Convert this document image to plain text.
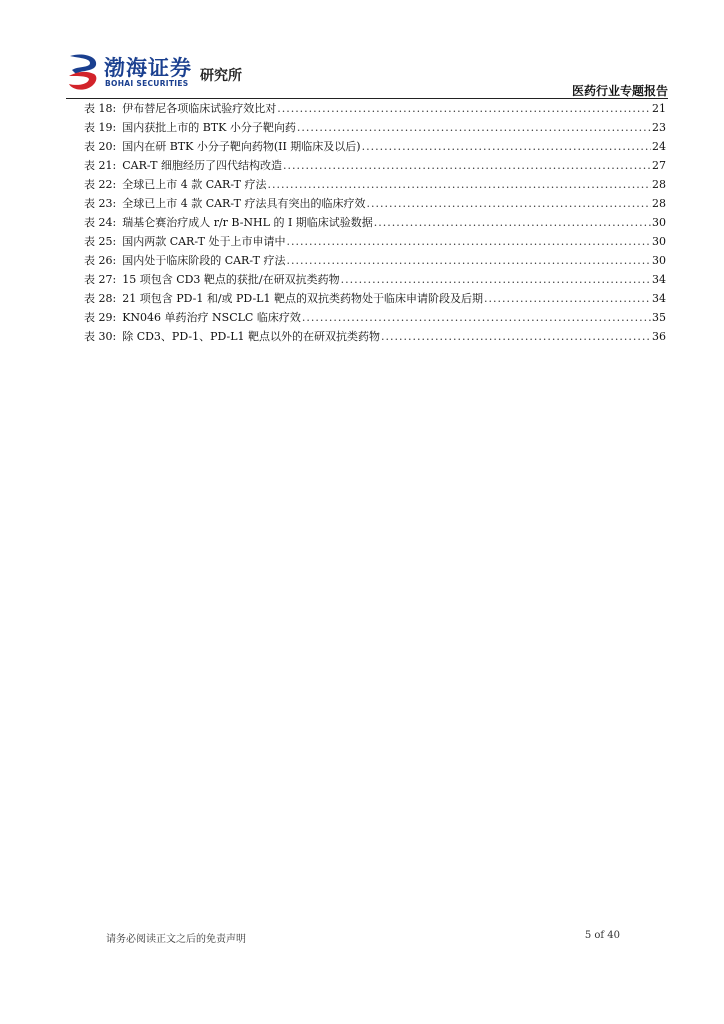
渤海证券
BOHAI SECURITIES 研究所
医药行业专题报告
表 18: 伊布替尼各项临床试验疗效比对 .....	21
表 19: 国内获批上市的 BTK 小分子靶向药 .....	23
表 20: 国内在研 BTK 小分子靶向药物(II 期临床及以后) .....	24
表 21: CAR-T 细胞经历了四代结构改造 .....	27
表 22: 全球已上市 4 款 CAR-T 疗法 .....	28
表 23: 全球已上市 4 款 CAR-T 疗法具有突出的临床疗效 .....	28
表 24: 瑞基仑赛治疗成人 r/r B-NHL 的 I 期临床试验数据 .....	30
表 25: 国内两款 CAR-T 处于上市申请中 .....	30
表 26: 国内处于临床阶段的 CAR-T 疗法 .....	30
表 27: 15 项包含 CD3 靶点的获批/在研双抗类药物 .....	34
表 28: 21 项包含 PD-1 和/或 PD-L1 靶点的双抗类药物处于临床申请阶段及后期 .....	34
表 29: KN046 单药治疗 NSCLC 临床疗效 .....	35
表 30: 除 CD3、PD-1、PD-L1 靶点以外的在研双抗类药物 .....	36
请务必阅读正文之后的免责声明	5 of 40
